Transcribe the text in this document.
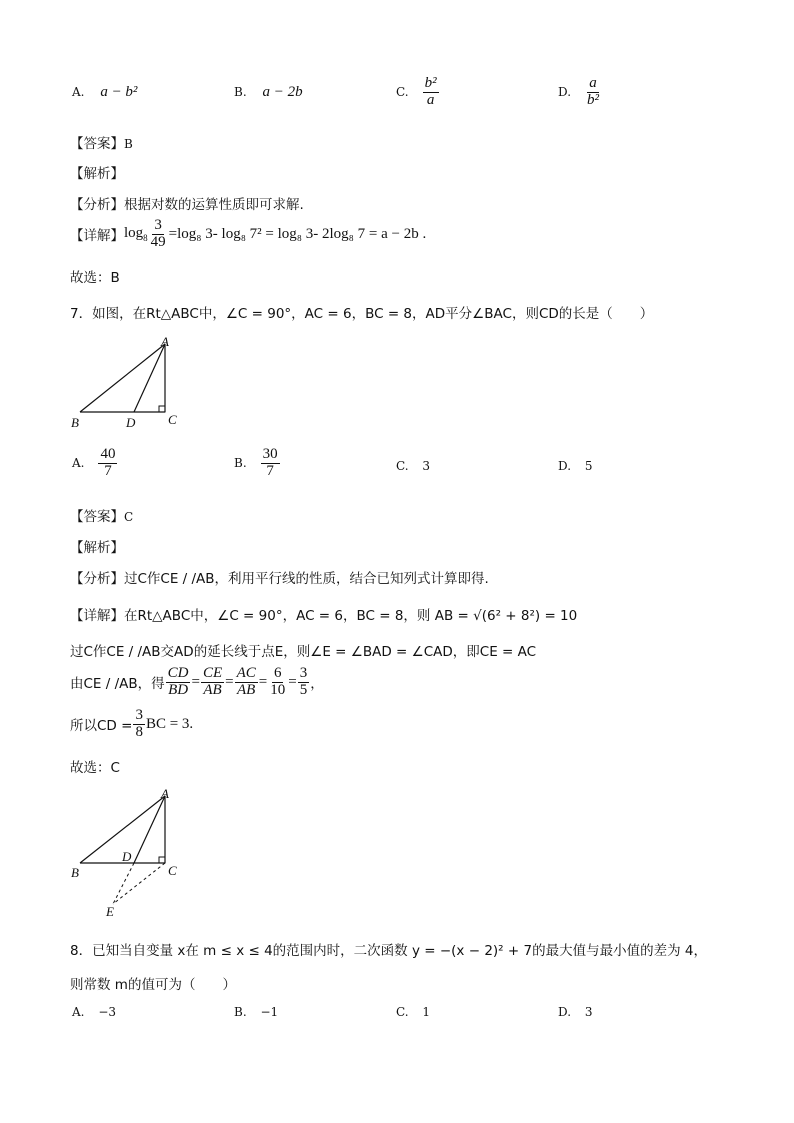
A. a − b²	B. a − 2b	C. $\frac{\text{b²}}{a}$	D. $\frac{a}{\text{b²}}$
【答案】B
【解析】
【分析】根据对数的运算性质即可求解.
【详解】 $\log_8 \frac{3}{49} =\log_8$ 3- log₈ 7² = log₈ 3- 2log₈ 7 = a − 2b .
故选：B
7．如图，在Rt△ABC中，∠C = 90°，AC = 6，BC = 8，AD平分∠BAC，则CD的长是（　　）
A
B	D	C
A. $\frac{40}{7}$	B. $\frac{30}{7}$	C. 3	D. 5
【答案】C
【解析】
【分析】过C作CE / /AB，利用平行线的性质，结合已知列式计算即得.
【详解】在Rt△ABC中，∠C = 90°，AC = 6，BC = 8，则 AB = √(6² + 8²) = 10
过C作CE / /AB交AD的延长线于点E，则∠E = ∠BAD = ∠CAD，即CE = AC
由CE / /AB，得 $\frac{CD}{BD} = \frac{CE}{AB} = \frac{AC}{AB} = \frac{6}{10} = \frac{3}{5}$ ，
所以CD = $\frac{3}{8}$ BC = 3.
故选：C
A
B
D
C
E
8．已知当自变量 x在 m ≤ x ≤ 4的范围内时，二次函数 y = −(x − 2)² + 7的最大值与最小值的差为 4，
则常数 m的值可为（　　）
A. −3	B. −1	C. 1	D. 3
